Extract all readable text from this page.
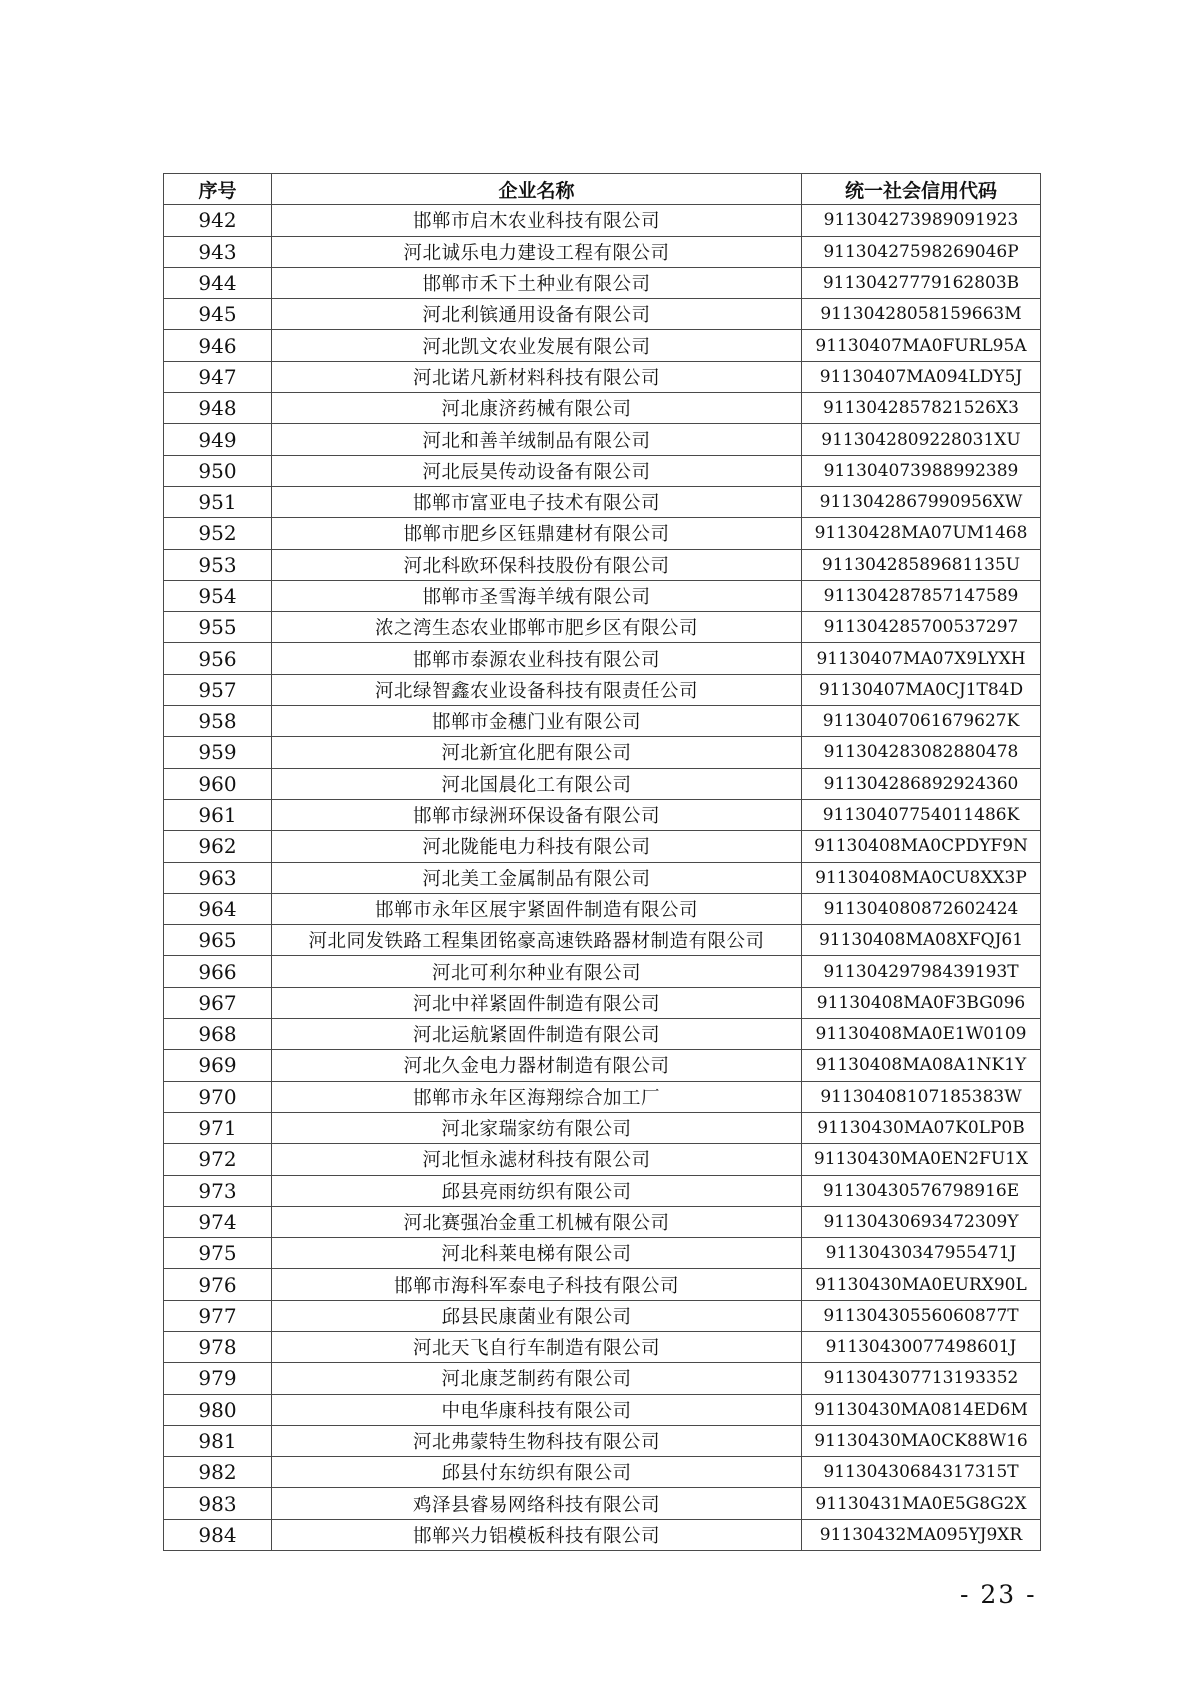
序号	企业名称	统一社会信用代码
942	邯郸市启木农业科技有限公司	911304273989091923
943	河北诚乐电力建设工程有限公司	91130427598269046P
944	邯郸市禾下土种业有限公司	91130427779162803B
945	河北利镔通用设备有限公司	91130428058159663M
946	河北凯文农业发展有限公司	91130407MA0FURL95A
947	河北诺凡新材料科技有限公司	91130407MA094LDY5J
948	河北康济药械有限公司	9113042857821526X3
949	河北和善羊绒制品有限公司	9113042809228031XU
950	河北辰昊传动设备有限公司	911304073988992389
951	邯郸市富亚电子技术有限公司	9113042867990956XW
952	邯郸市肥乡区钰鼎建材有限公司	91130428MA07UM1468
953	河北科欧环保科技股份有限公司	91130428589681135U
954	邯郸市圣雪海羊绒有限公司	911304287857147589
955	浓之湾生态农业邯郸市肥乡区有限公司	911304285700537297
956	邯郸市泰源农业科技有限公司	91130407MA07X9LYXH
957	河北绿智鑫农业设备科技有限责任公司	91130407MA0CJ1T84D
958	邯郸市金穗门业有限公司	91130407061679627K
959	河北新宜化肥有限公司	911304283082880478
960	河北国晨化工有限公司	911304286892924360
961	邯郸市绿洲环保设备有限公司	91130407754011486K
962	河北陇能电力科技有限公司	91130408MA0CPDYF9N
963	河北美工金属制品有限公司	91130408MA0CU8XX3P
964	邯郸市永年区展宇紧固件制造有限公司	911304080872602424
965	河北同发铁路工程集团铭豪高速铁路器材制造有限公司	91130408MA08XFQJ61
966	河北可利尔种业有限公司	91130429798439193T
967	河北中祥紧固件制造有限公司	91130408MA0F3BG096
968	河北运航紧固件制造有限公司	91130408MA0E1W0109
969	河北久金电力器材制造有限公司	91130408MA08A1NK1Y
970	邯郸市永年区海翔综合加工厂	91130408107185383W
971	河北家瑞家纺有限公司	91130430MA07K0LP0B
972	河北恒永滤材科技有限公司	91130430MA0EN2FU1X
973	邱县亮雨纺织有限公司	91130430576798916E
974	河北赛强冶金重工机械有限公司	91130430693472309Y
975	河北科莱电梯有限公司	91130430347955471J
976	邯郸市海科军泰电子科技有限公司	91130430MA0EURX90L
977	邱县民康菌业有限公司	91130430556060877T
978	河北天飞自行车制造有限公司	91130430077498601J
979	河北康芝制药有限公司	911304307713193352
980	中电华康科技有限公司	91130430MA0814ED6M
981	河北弗蒙特生物科技有限公司	91130430MA0CK88W16
982	邱县付东纺织有限公司	91130430684317315T
983	鸡泽县睿易网络科技有限公司	91130431MA0E5G8G2X
984	邯郸兴力铝模板科技有限公司	91130432MA095YJ9XR
- 23 -
